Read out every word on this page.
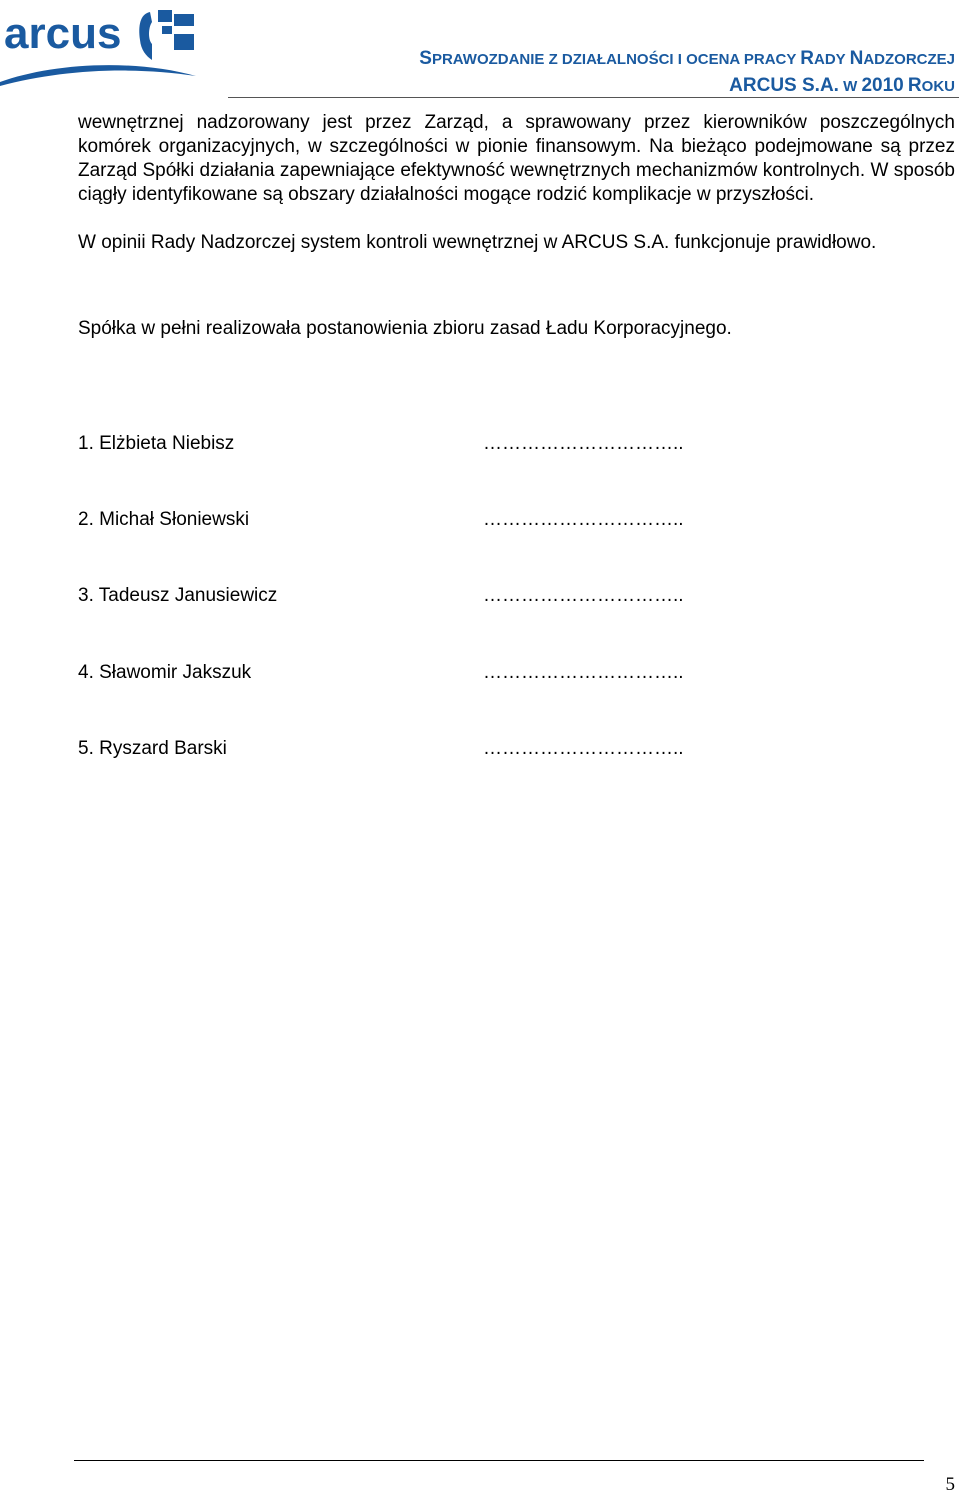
arcus
SPRAWOZDANIE Z DZIAŁALNOŚCI I OCENA PRACY RADY NADZORCZEJ
ARCUS S.A. W 2010 ROKU
wewnętrznej nadzorowany jest przez Zarząd, a sprawowany przez kierowników poszczególnych komórek organizacyjnych, w szczególności w pionie finansowym. Na bieżąco podejmowane są przez Zarząd Spółki działania zapewniające efektywność wewnętrznych mechanizmów kontrolnych. W sposób ciągły identyfikowane są obszary działalności mogące rodzić komplikacje w przyszłości.
W opinii Rady Nadzorczej system kontroli wewnętrznej w ARCUS S.A. funkcjonuje prawidłowo.
Spółka w pełni realizowała postanowienia zbioru zasad Ładu Korporacyjnego.
1. Elżbieta Niebisz	…………………………..
2. Michał Słoniewski	…………………………..
3. Tadeusz Janusiewicz	…………………………..
4. Sławomir Jakszuk	…………………………..
5. Ryszard Barski	…………………………..
5
